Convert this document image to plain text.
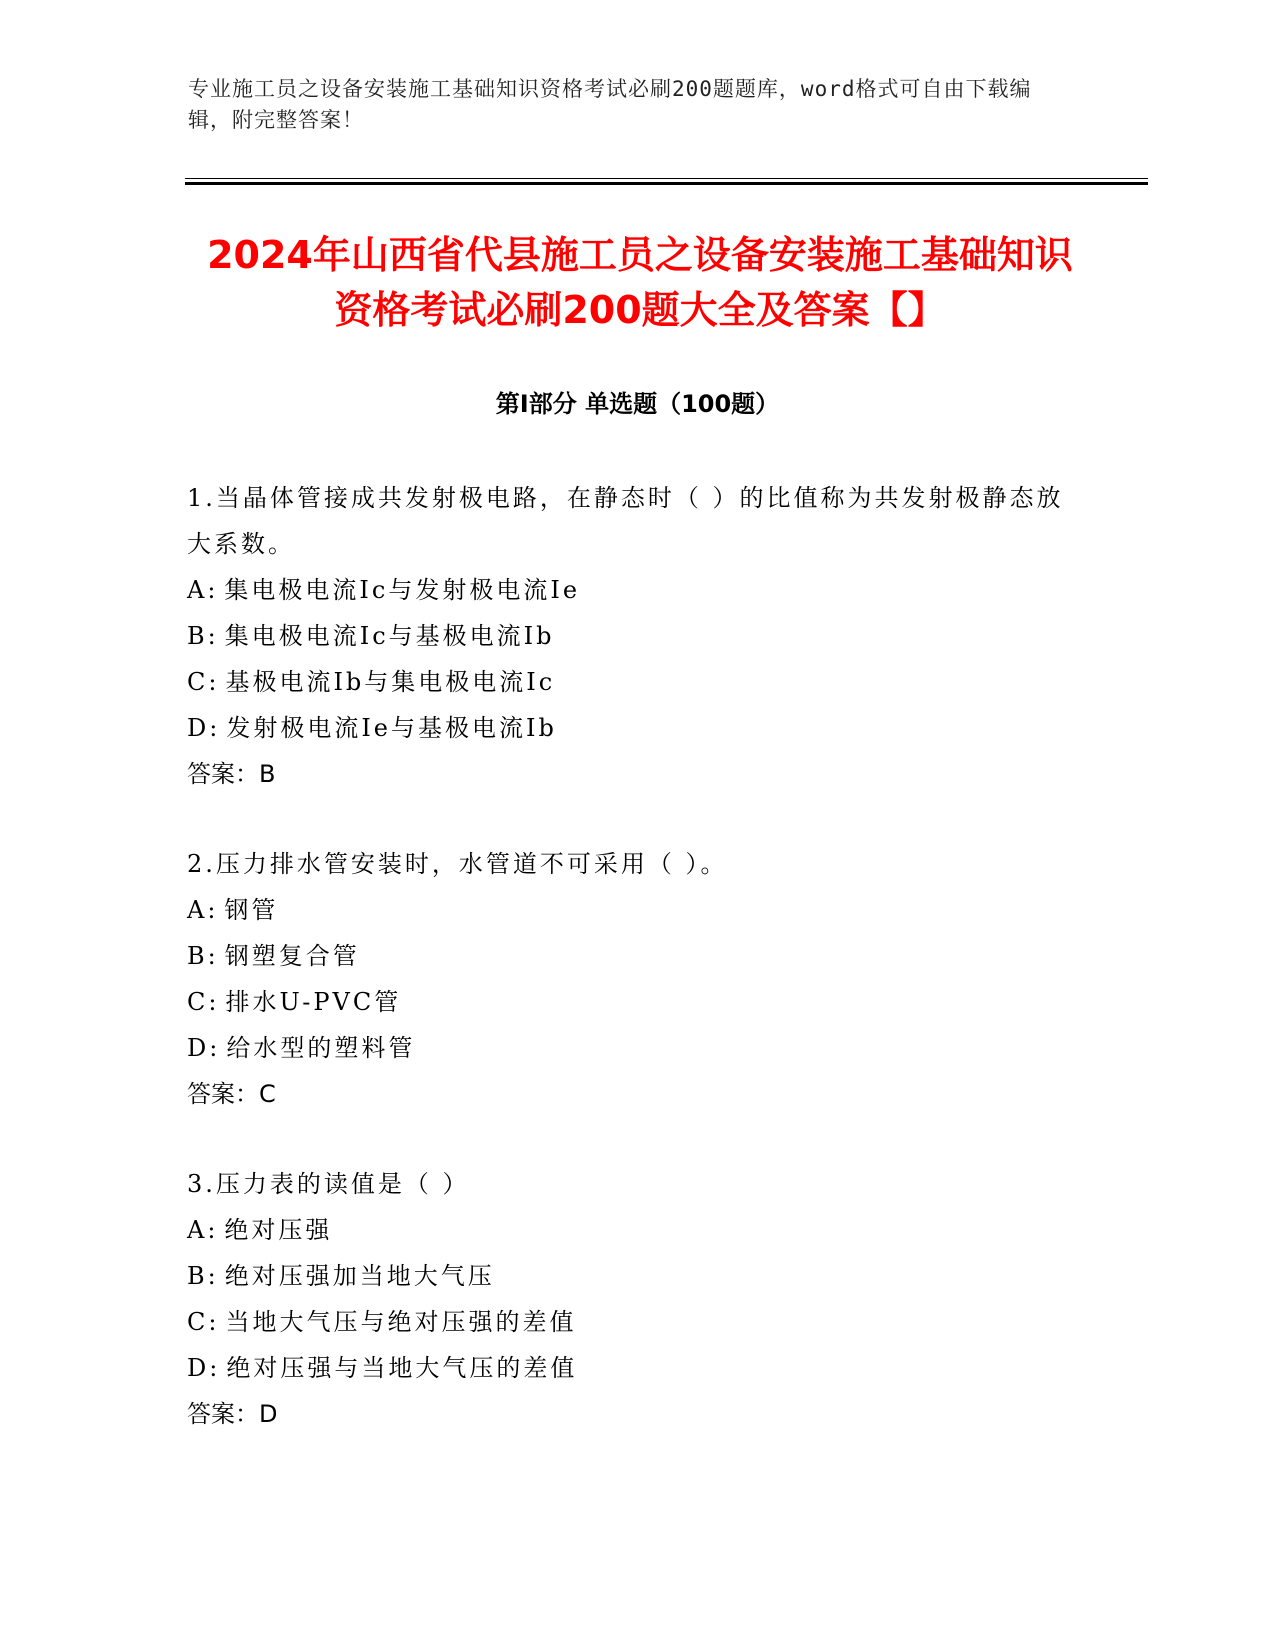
专业施工员之设备安装施工基础知识资格考试必刷200题题库，word格式可自由下载编辑，附完整答案！
2024年山西省代县施工员之设备安装施工基础知识资格考试必刷200题大全及答案【】
第Ⅰ部分 单选题（100题）

1.当晶体管接成共发射极电路，在静态时（ ）的比值称为共发射极静态放大系数。

A: 集电极电流Ic与发射极电流Ie

B: 集电极电流Ic与基极电流Ib

C: 基极电流Ib与集电极电流Ic

D: 发射极电流Ie与基极电流Ib

答案：B

2.压力排水管安装时，水管道不可采用（ ）。

A: 钢管

B: 钢塑复合管

C: 排水U-PVC管

D: 给水型的塑料管

答案：C

3.压力表的读值是（ ）

A: 绝对压强

B: 绝对压强加当地大气压

C: 当地大气压与绝对压强的差值

D: 绝对压强与当地大气压的差值

答案：D
